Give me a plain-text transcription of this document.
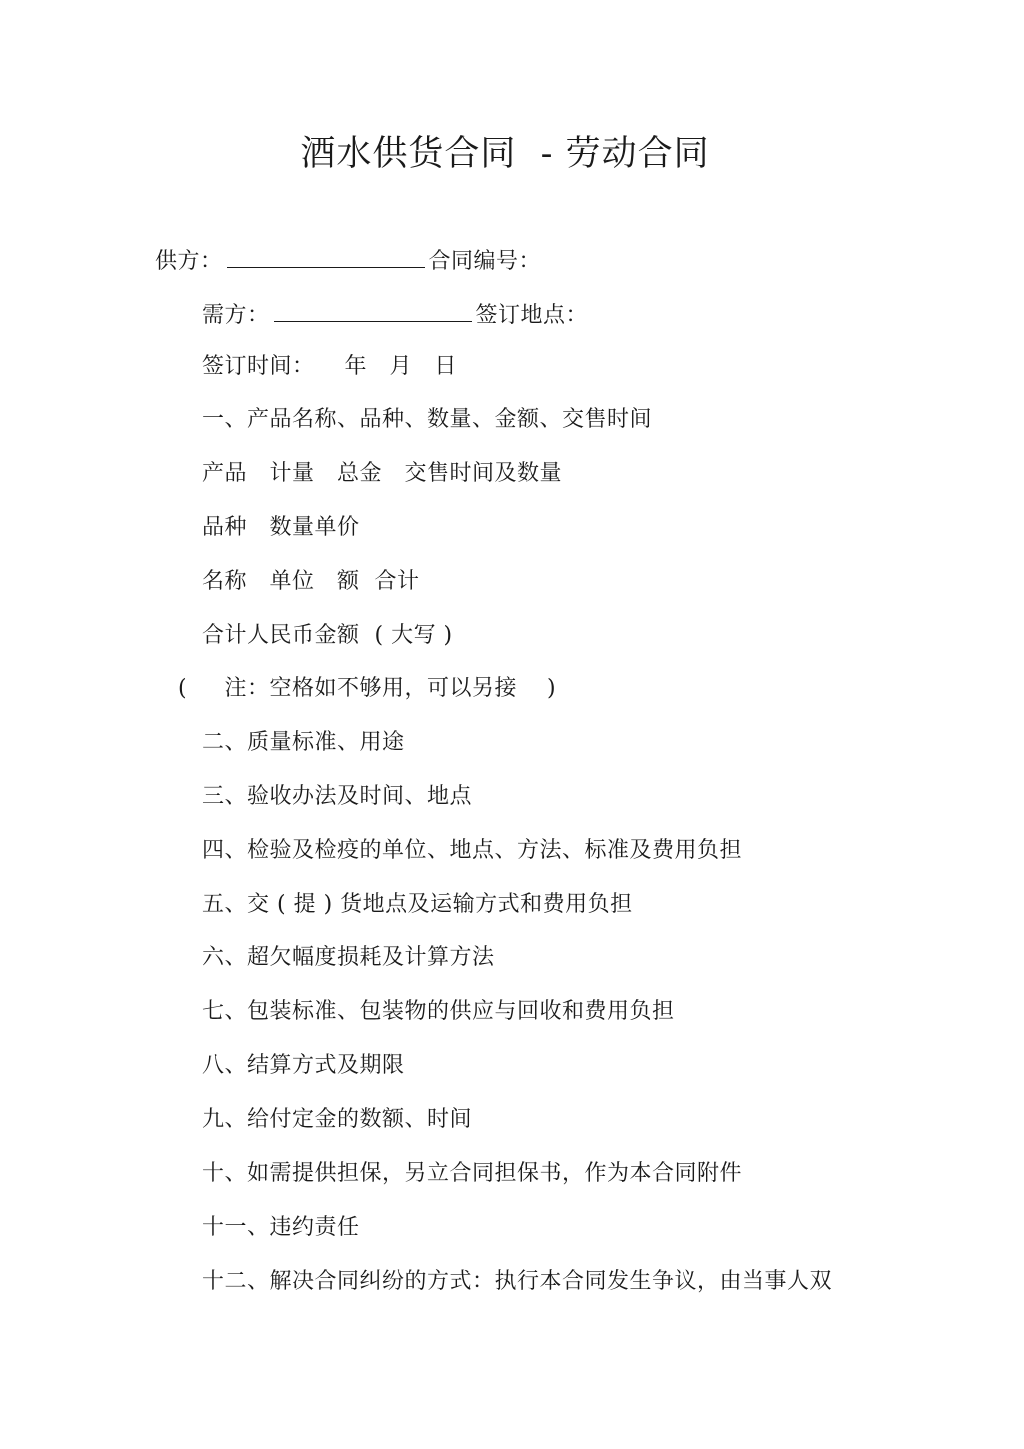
酒水供货合同  - 劳动合同
供方：	合同编号：
需方：	签订地点：
签订时间：    年   月   日
一、产品名称、品种、数量、金额、交售时间
产品   计量   总金   交售时间及数量
品种   数量单价
名称   单位   额  合计
合计人民币金额  ( 大写 )
(     注：空格如不够用，可以另接    )
二、质量标准、用途
三、验收办法及时间、地点
四、检验及检疫的单位、地点、方法、标准及费用负担
五、交 ( 提 ) 货地点及运输方式和费用负担
六、超欠幅度损耗及计算方法
七、包装标准、包装物的供应与回收和费用负担
八、结算方式及期限
九、给付定金的数额、时间
十、如需提供担保，另立合同担保书，作为本合同附件
十一、违约责任
十二、解决合同纠纷的方式：执行本合同发生争议，由当事人双
